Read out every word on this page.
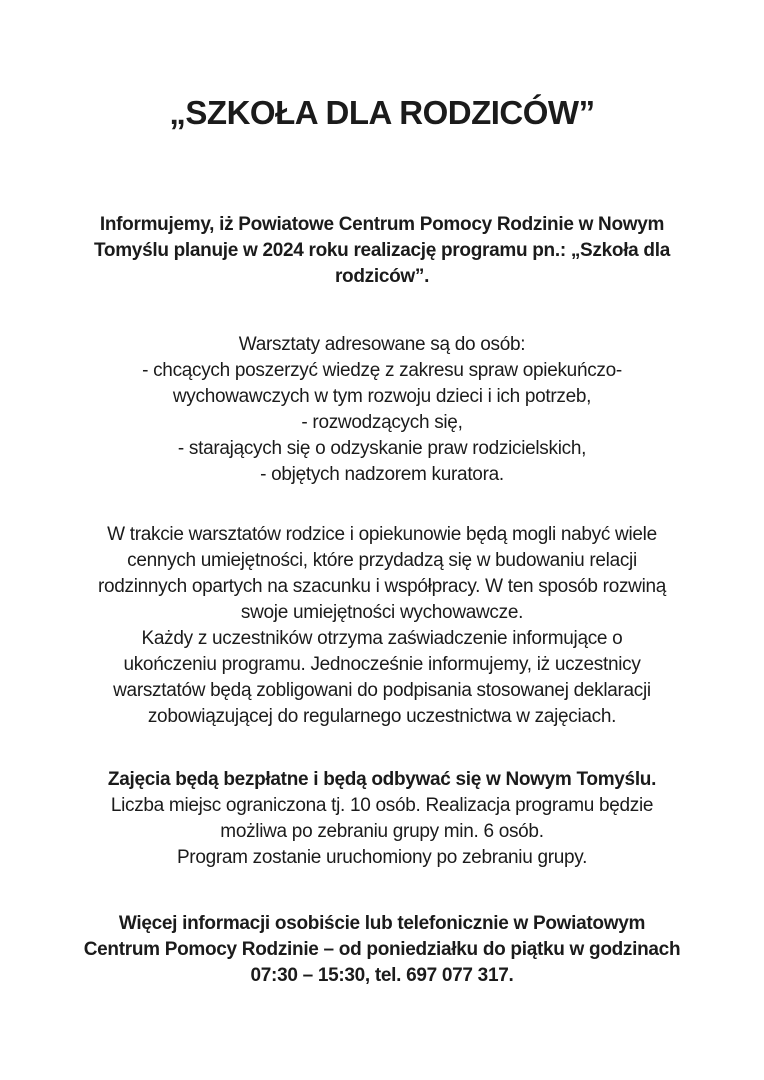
„SZKOŁA DLA RODZICÓW”
Informujemy, iż Powiatowe Centrum Pomocy Rodzinie w Nowym
Tomyślu planuje w 2024 roku realizację programu pn.: „Szkoła dla
rodziców”.
Warsztaty adresowane są do osób:
- chcących poszerzyć wiedzę z zakresu spraw opiekuńczo-
wychowawczych w tym rozwoju dzieci i ich potrzeb,
- rozwodzących się,
- starających się o odzyskanie praw rodzicielskich,
- objętych nadzorem kuratora.
W trakcie warsztatów rodzice i opiekunowie będą mogli nabyć wiele
cennych umiejętności, które przydadzą się w budowaniu relacji
rodzinnych opartych na szacunku i współpracy. W ten sposób rozwiną
swoje umiejętności wychowawcze.
Każdy z uczestników otrzyma zaświadczenie informujące o
ukończeniu programu. Jednocześnie informujemy, iż uczestnicy
warsztatów będą zobligowani do podpisania stosowanej deklaracji
zobowiązującej do regularnego uczestnictwa w zajęciach.
Zajęcia będą bezpłatne i będą odbywać się w Nowym Tomyślu.
Liczba miejsc ograniczona tj. 10 osób. Realizacja programu będzie
możliwa po zebraniu grupy min. 6 osób.
Program zostanie uruchomiony po zebraniu grupy.
Więcej informacji osobiście lub telefonicznie w Powiatowym
Centrum Pomocy Rodzinie – od poniedziałku do piątku w godzinach
07:30 – 15:30, tel. 697 077 317.
